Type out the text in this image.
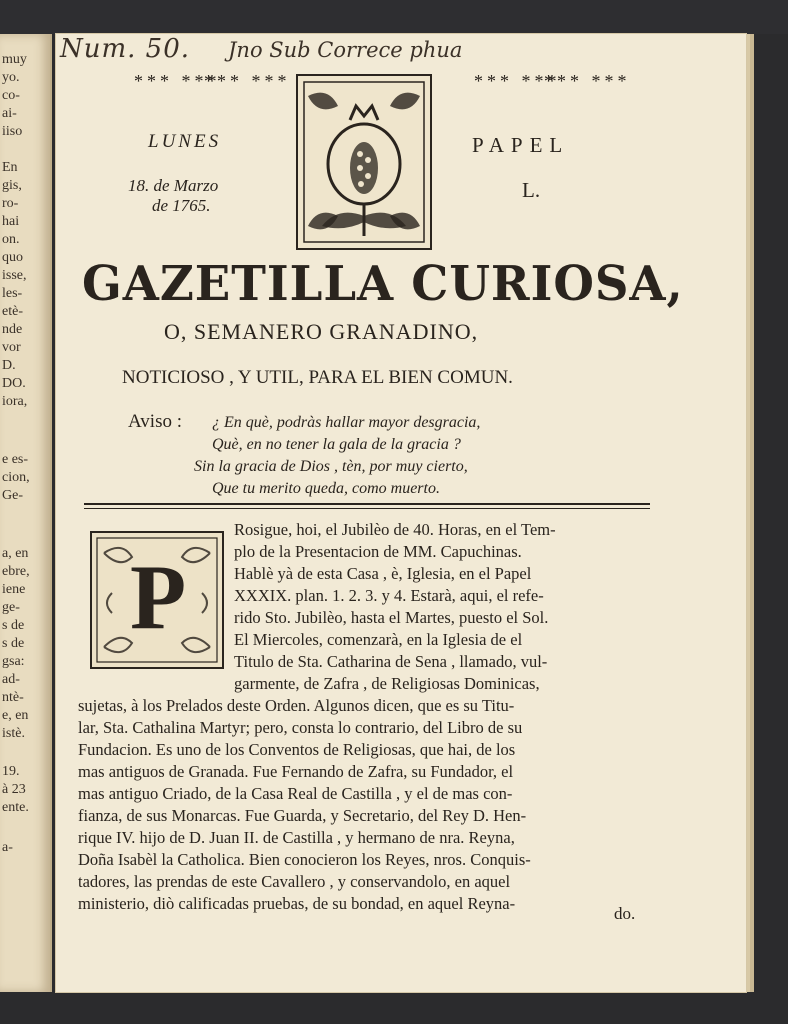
muy
yo.
co-
ai-
iiso
En
gis,
ro-
hai
on.
quo
isse,
les-
etè-
nde
vor
D.
DO.
iora,
e es-
cion,
Ge-
a, en
ebre,
iene
ge-
s de
s de
gsa:
ad-
ntè-
e, en
istè.
19.
à 23
ente.
a-
Num. 50. Jno Sub Correce phua
*** ***
*** ***	*** ***
*** ***
LUNES	PAPEL
18. de Marzo
de 1765.
L.
GAZETILLA CURIOSA,
O, SEMANERO GRANADINO,
NOTICIOSO , Y UTIL, PARA EL BIEN COMUN.
Aviso : ¿ En què, podràs hallar mayor desgracia,
Què, en no tener la gala de la gracia ?
Sin la gracia de Dios , tèn, por muy cierto,
Que tu merito queda, como muerto.
P
Rosigue, hoi, el Jubilèo de 40. Horas, en el Tem-
plo de la Presentacion de MM. Capuchinas.
Hablè yà de esta Casa , è, Iglesia, en el Papel
XXXIX. plan. 1. 2. 3. y 4. Estarà, aqui, el refe-
rido Sto. Jubilèo, hasta el Martes, puesto el Sol.
El Miercoles, comenzarà, en la Iglesia de el
Titulo de Sta. Catharina de Sena , llamado, vul-
garmente, de Zafra , de Religiosas Dominicas,
sujetas, à los Prelados deste Orden. Algunos dicen, que es su Titu-
lar, Sta. Cathalina Martyr; pero, consta lo contrario, del Libro de su
Fundacion. Es uno de los Conventos de Religiosas, que hai, de los
mas antiguos de Granada. Fue Fernando de Zafra, su Fundador, el
mas antiguo Criado, de la Casa Real de Castilla , y el de mas con-
fianza, de sus Monarcas. Fue Guarda, y Secretario, del Rey D. Hen-
rique IV. hijo de D. Juan II. de Castilla , y hermano de nra. Reyna,
Doña Isabèl la Catholica. Bien conocieron los Reyes, nros. Conquis-
tadores, las prendas de este Cavallero , y conservandolo, en aquel
ministerio, diò calificadas pruebas, de su bondad, en aquel Reyna-
do.
